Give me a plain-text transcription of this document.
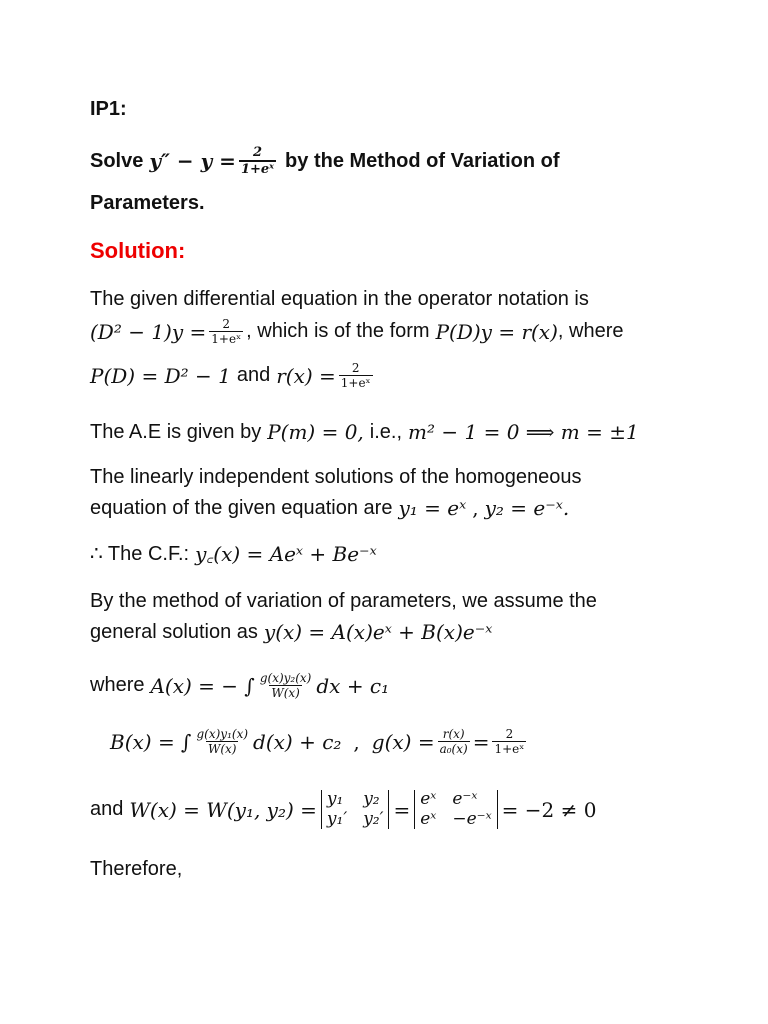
IP1:
Solve $y'' - y = \frac{2}{\text{1+eˣ}}$ by the Method of Variation of
Parameters.
Solution:
The given differential equation in the operator notation is
$(D^2 - 1)y = \frac{2}{\text{1+eˣ}}$ , which is of the form P(D)y = r(x) , where
P(D) = D² − 1 and $r(x) = \frac{2}{\text{1+eˣ}}$
The A.E is given by P(m) = 0, i.e., m² − 1 = 0 ⟹ m = ±1
The linearly independent solutions of the homogeneous
equation of the given equation are y₁ = eˣ , y₂ = e⁻ˣ.
∴ The C.F.: y꜀(x) = Aeˣ + Be⁻ˣ
By the method of variation of parameters, we assume the
general solution as y(x) = A(x)eˣ + B(x)e⁻ˣ
where A(x) = − ∫ $\frac{\text{g(x)y₂(x)}}{W(x)}$ dx + c₁
B(x) = ∫ $\frac{\text{g(x)y₁(x)}}{W(x)} d(x) + c_2$ , $g(x) = \frac{r(x)}{\text{a₀(x)}} = \frac{2}{\text{1+eˣ}}$
and W(x) = W(y₁, y₂) = y₁ y₂
y₁′ y₂′ = eˣ e⁻ˣ
eˣ −e⁻ˣ = −2 ≠ 0
Therefore,
